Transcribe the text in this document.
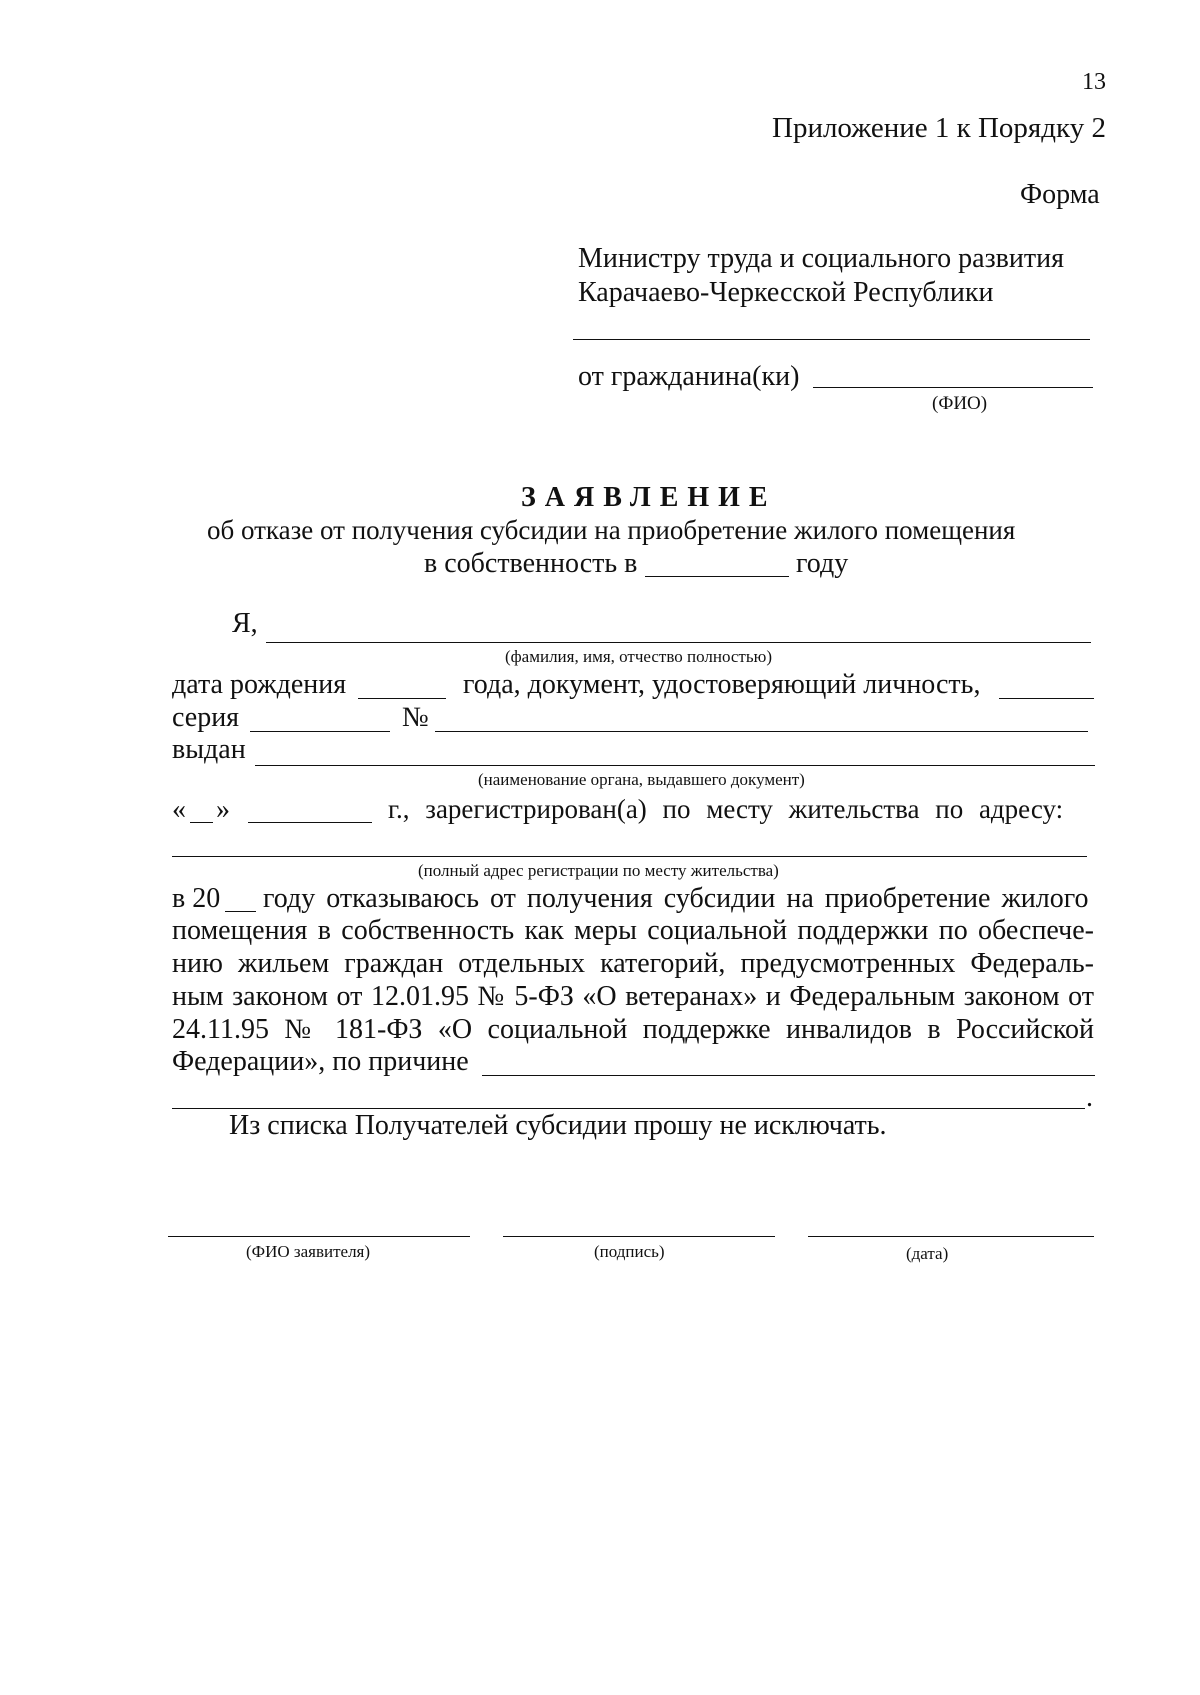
13
Приложение 1 к Порядку 2
Форма
Министру труда и социального развития
Карачаево-Черкесской Республики
от гражданина(ки)
(ФИО)
ЗАЯВЛЕНИЕ
об отказе от получения субсидии на приобретение жилого помещения
в собственность в	году
Я,
(фамилия, имя, отчество полностью)
дата рождения	года, документ, удостоверяющий личность,
серия	№
выдан
(наименование органа, выдавшего документ)
« »	г., зарегистрирован(а) по месту жительства по адресу:
(полный адрес регистрации по месту жительства)
в 20 году отказываюсь от получения субсидии на приобретение жилого
помещения в собственность как меры социальной поддержки по обеспече-
нию жильем граждан отдельных категорий, предусмотренных Федераль-
ным законом от 12.01.95 № 5-ФЗ «О ветеранах» и Федеральным законом от
24.11.95 № 181-ФЗ «О социальной поддержке инвалидов в Российской
Федерации», по причине
.
Из списка Получателей субсидии прошу не исключать.
(ФИО заявителя)	(подпись)	(дата)
